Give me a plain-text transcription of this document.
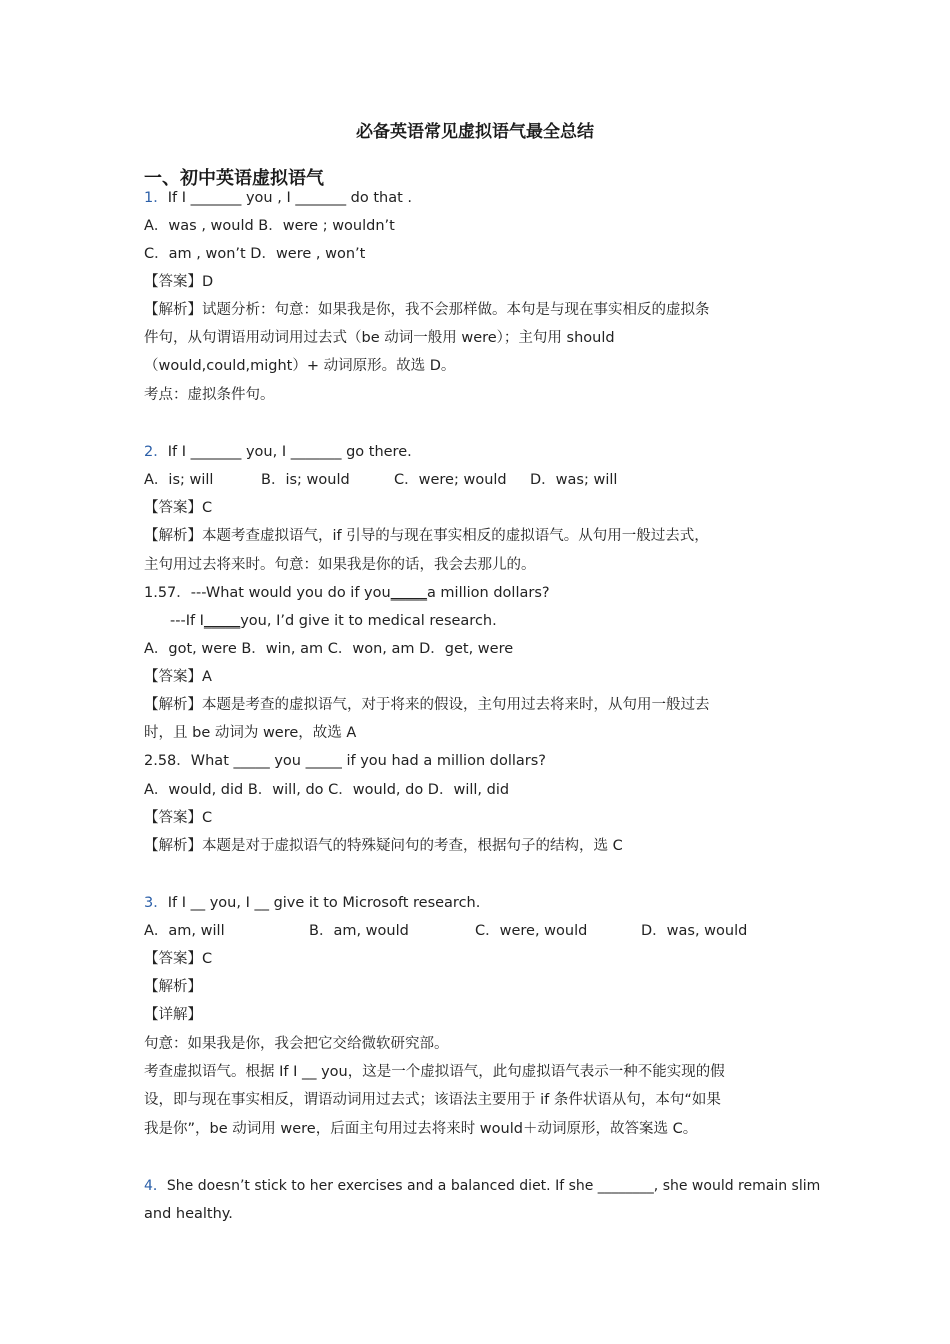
必备英语常见虚拟语气最全总结
一、初中英语虚拟语气
1．If I _______ you , I _______ do that .
A．was , would B．were ; wouldn’t
C．am , won’t D．were , won’t
【答案】D
【解析】试题分析：句意：如果我是你，我不会那样做。本句是与现在事实相反的虚拟条
件句，从句谓语用动词用过去式（be 动词一般用 were）；主句用 should
（would,could,might）+ 动词原形。故选 D。
考点：虚拟条件句。
2．If I _______ you, I _______ go there.
A．is; will	B．is; would	C．were; would D．was; will
【答案】C
【解析】本题考查虚拟语气，if 引导的与现在事实相反的虚拟语气。从句用一般过去式，
主句用过去将来时。句意：如果我是你的话，我会去那儿的。
1.57．---What would you do if you_____a million dollars?
---If I_____you, I’d give it to medical research.
A．got, were B．win, am C．won, am D．get, were
【答案】A
【解析】本题是考查的虚拟语气，对于将来的假设，主句用过去将来时，从句用一般过去
时，且 be 动词为 were，故选 A
2.58．What _____ you _____ if you had a million dollars?
A．would, did B．will, do C．would, do D．will, did
【答案】C
【解析】本题是对于虚拟语气的特殊疑问句的考查，根据句子的结构，选 C
3．If I __ you, I __ give it to Microsoft research.
A．am, will	B．am, would	C．were, would	D．was, would
【答案】C
【解析】
【详解】
句意：如果我是你，我会把它交给微软研究部。
考查虚拟语气。根据 If I __ you，这是一个虚拟语气，此句虚拟语气表示一种不能实现的假
设，即与现在事实相反，谓语动词用过去式；该语法主要用于 if 条件状语从句，本句“如果
我是你”，be 动词用 were，后面主句用过去将来时 would＋动词原形，故答案选 C。
4．She doesn’t stick to her exercises and a balanced diet. If she ________, she would remain slim
and healthy.
